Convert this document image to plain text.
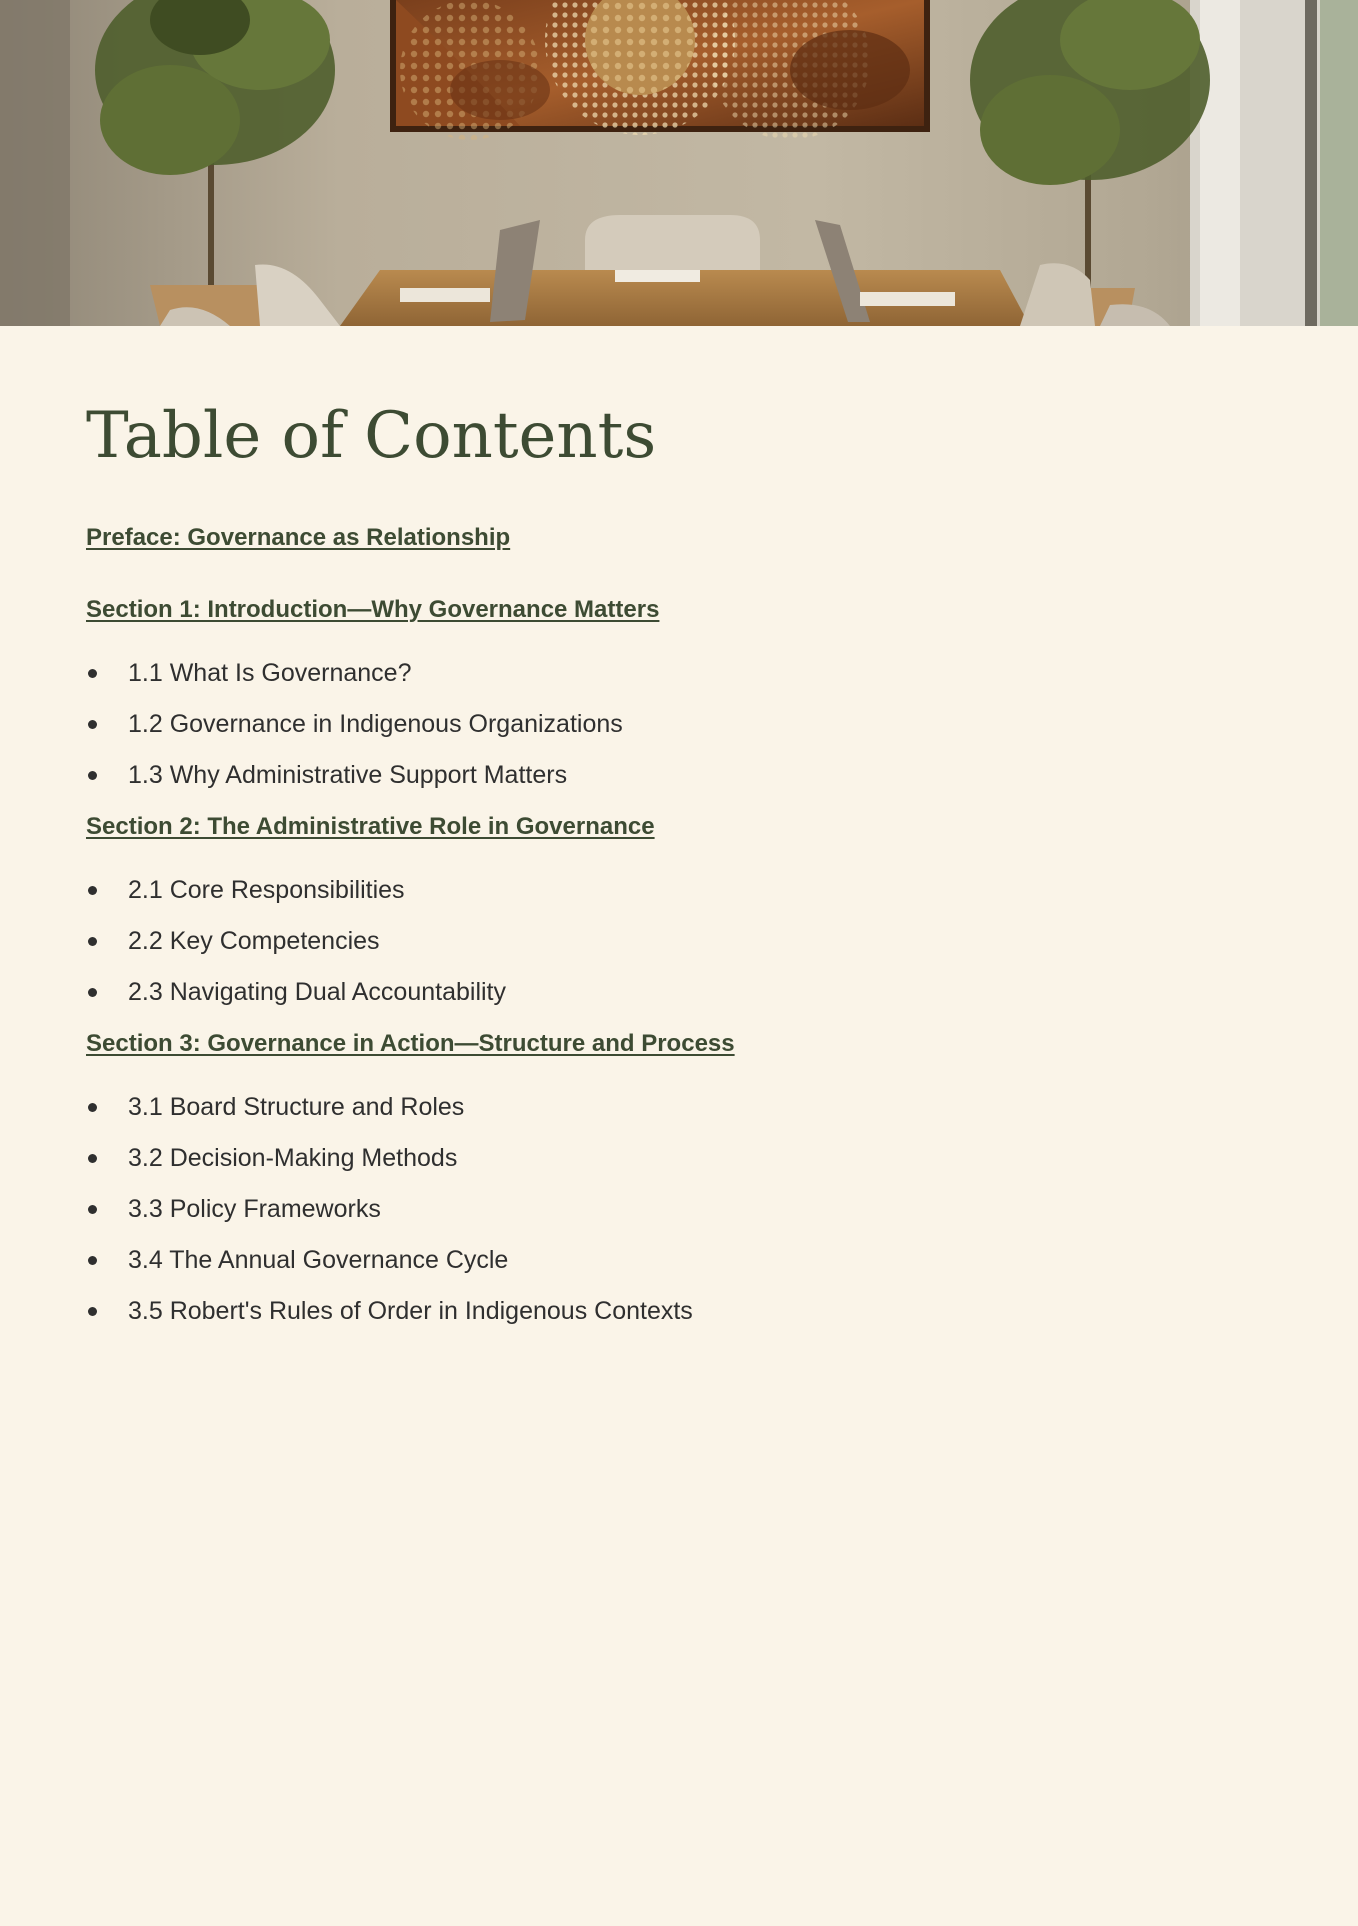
Table of Contents
Preface: Governance as Relationship
Section 1: Introduction—Why Governance Matters
1.1 What Is Governance?
1.2 Governance in Indigenous Organizations
1.3 Why Administrative Support Matters
Section 2: The Administrative Role in Governance
2.1 Core Responsibilities
2.2 Key Competencies
2.3 Navigating Dual Accountability
Section 3: Governance in Action—Structure and Process
3.1 Board Structure and Roles
3.2 Decision-Making Methods
3.3 Policy Frameworks
3.4 The Annual Governance Cycle
3.5 Robert's Rules of Order in Indigenous Contexts
